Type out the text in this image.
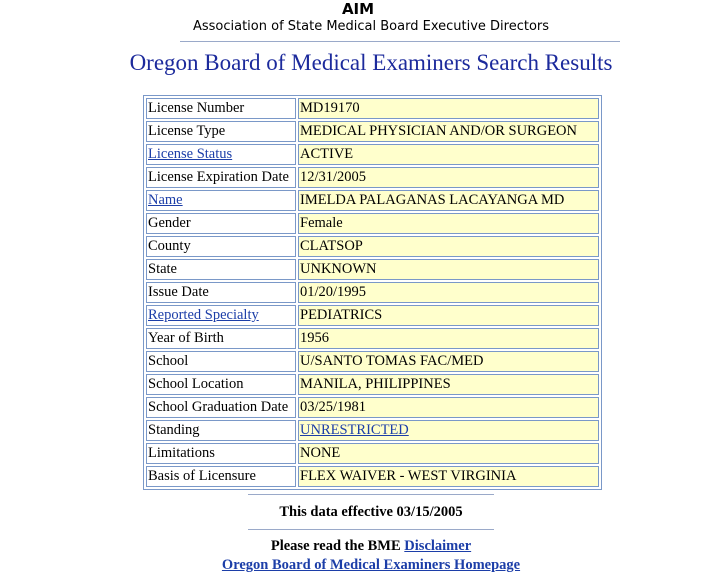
AIM
Association of State Medical Board Executive Directors
Oregon Board of Medical Examiners Search Results
License Number	MD19170
License Type	MEDICAL PHYSICIAN AND/OR SURGEON
License Status	ACTIVE
License Expiration Date	12/31/2005
Name	IMELDA PALAGANAS LACAYANGA MD
Gender	Female
County	CLATSOP
State	UNKNOWN
Issue Date	01/20/1995
Reported Specialty	PEDIATRICS
Year of Birth	1956
School	U/SANTO TOMAS FAC/MED
School Location	MANILA, PHILIPPINES
School Graduation Date	03/25/1981
Standing	UNRESTRICTED
Limitations	NONE
Basis of Licensure	FLEX WAIVER - WEST VIRGINIA
This data effective 03/15/2005
Please read the BME Disclaimer
Oregon Board of Medical Examiners Homepage
